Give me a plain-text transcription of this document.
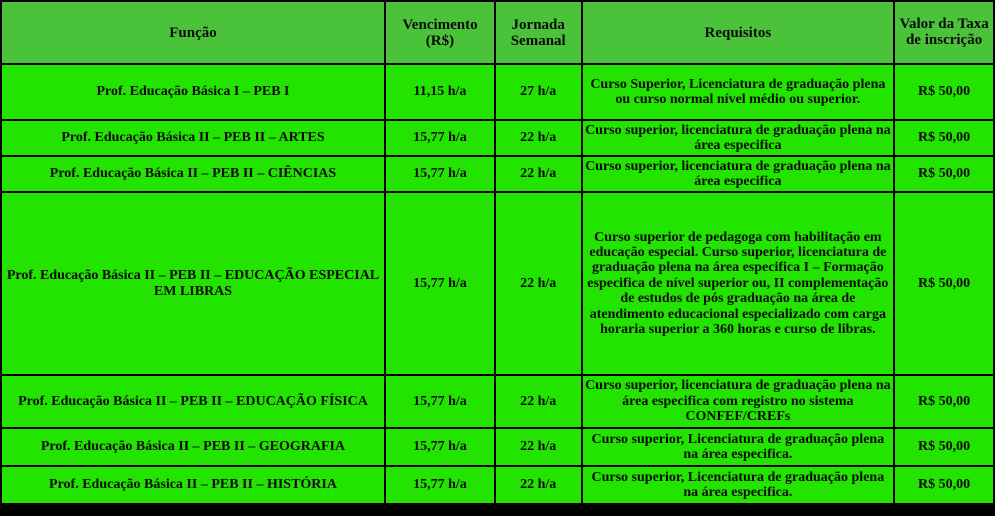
Função	Vencimento (R$)	Jornada Semanal	Requisitos	Valor da Taxa de inscrição
Prof. Educação Básica I – PEB I	11,15 h/a	27 h/a	Curso Superior, Licenciatura de graduação plena ou curso normal nível médio ou superior.	R$ 50,00
Prof. Educação Básica II – PEB II – ARTES	15,77 h/a	22 h/a	Curso superior, licenciatura de graduação plena na área especifica	R$ 50,00
Prof. Educação Básica II – PEB II – CIÊNCIAS	15,77 h/a	22 h/a	Curso superior, licenciatura de graduação plena na área especifica	R$ 50,00
Prof. Educação Básica II – PEB II – EDUCAÇÃO ESPECIAL EM LIBRAS	15,77 h/a	22 h/a	Curso superior de pedagoga com habilitação em educação especial. Curso superior, licenciatura de graduação plena na área especifica I – Formação especifica de nível superior ou, II complementação de estudos de pós graduação na área de atendimento educacional especializado com carga horaria superior a 360 horas e curso de libras.	R$ 50,00
Prof. Educação Básica II – PEB II – EDUCAÇÃO FÍSICA	15,77 h/a	22 h/a	Curso superior, licenciatura de graduação plena na área especifica com registro no sistema CONFEF/CREFs	R$ 50,00
Prof. Educação Básica II – PEB II – GEOGRAFIA	15,77 h/a	22 h/a	Curso superior, Licenciatura de graduação plena na área especifica.	R$ 50,00
Prof. Educação Básica II – PEB II – HISTÓRIA	15,77 h/a	22 h/a	Curso superior, Licenciatura de graduação plena na área especifica.	R$ 50,00
